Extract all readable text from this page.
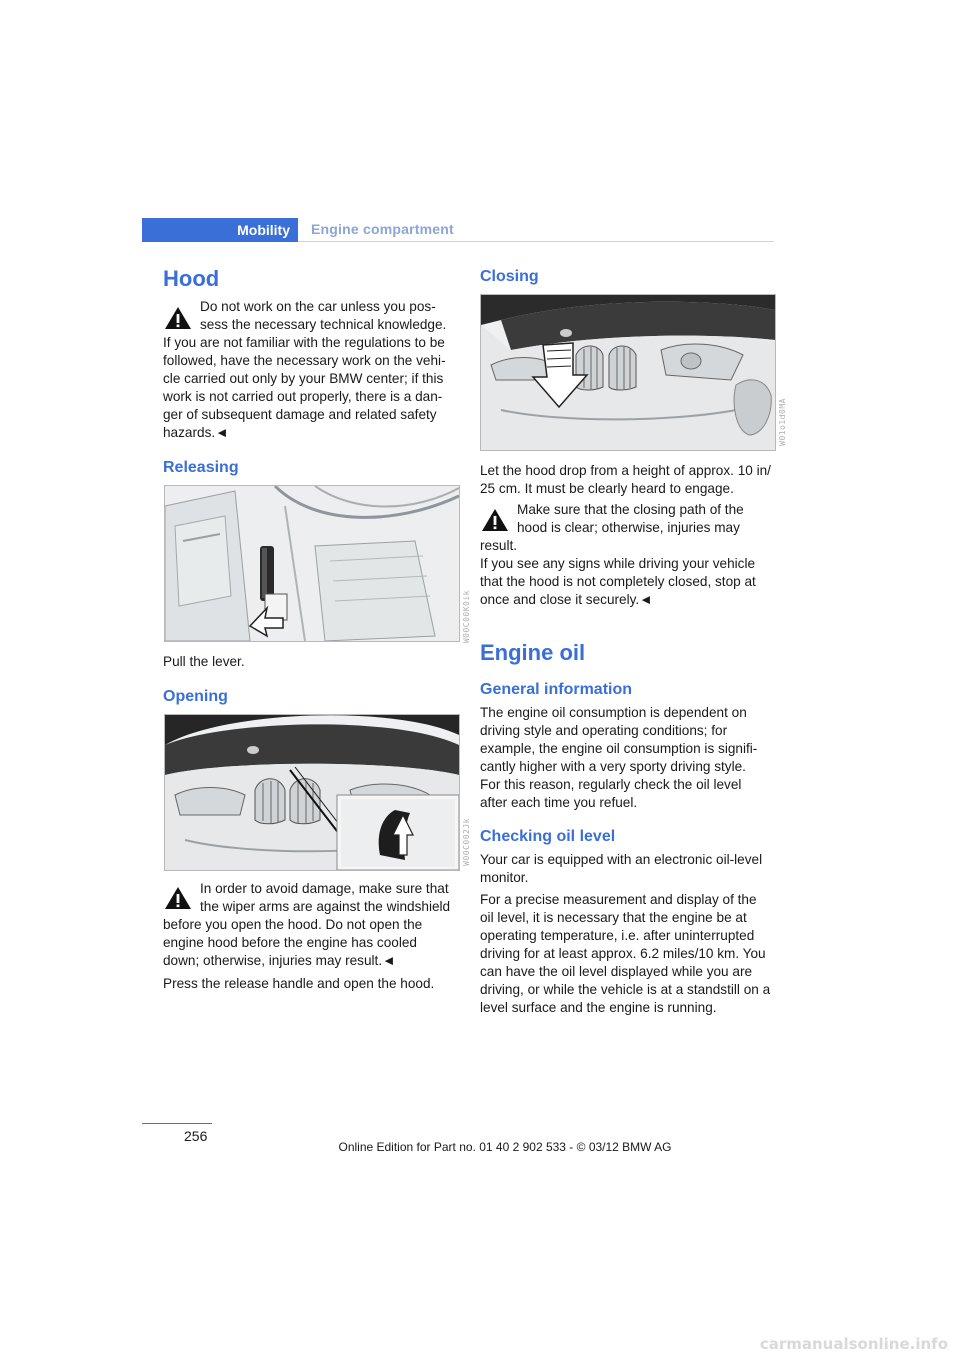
Mobility	Engine compartment
Hood

Do not work on the car unless you pos-

sess the necessary technical knowledge.

If you are not familiar with the regulations to be

followed, have the necessary work on the vehi-

cle carried out only by your BMW center; if this

work is not carried out properly, there is a dan-

ger of subsequent damage and related safety

hazards.◄

Releasing
W00C00K0ik
Pull the lever.
Opening
W00C002Jk

In order to avoid damage, make sure that

the wiper arms are against the windshield

before you open the hood. Do not open the

engine hood before the engine has cooled

down; otherwise, injuries may result.◄

Press the release handle and open the hood.
Closing
W01o1d0MA

Let the hood drop from a height of approx. 10 in/

25 cm. It must be clearly heard to engage.

Make sure that the closing path of the

hood is clear; otherwise, injuries may

result.

If you see any signs while driving your vehicle

that the hood is not completely closed, stop at

once and close it securely.◄

Engine oil
General information

The engine oil consumption is dependent on

driving style and operating conditions; for

example, the engine oil consumption is signifi-

cantly higher with a very sporty driving style.

For this reason, regularly check the oil level

after each time you refuel.

Checking oil level

Your car is equipped with an electronic oil-level

monitor.

For a precise measurement and display of the

oil level, it is necessary that the engine be at

operating temperature, i.e. after uninterrupted

driving for at least approx. 6.2 miles/10 km. You

can have the oil level displayed while you are

driving, or while the vehicle is at a standstill on a

level surface and the engine is running.

256
Online Edition for Part no. 01 40 2 902 533 - © 03/12 BMW AG
carmanualsonline.info
